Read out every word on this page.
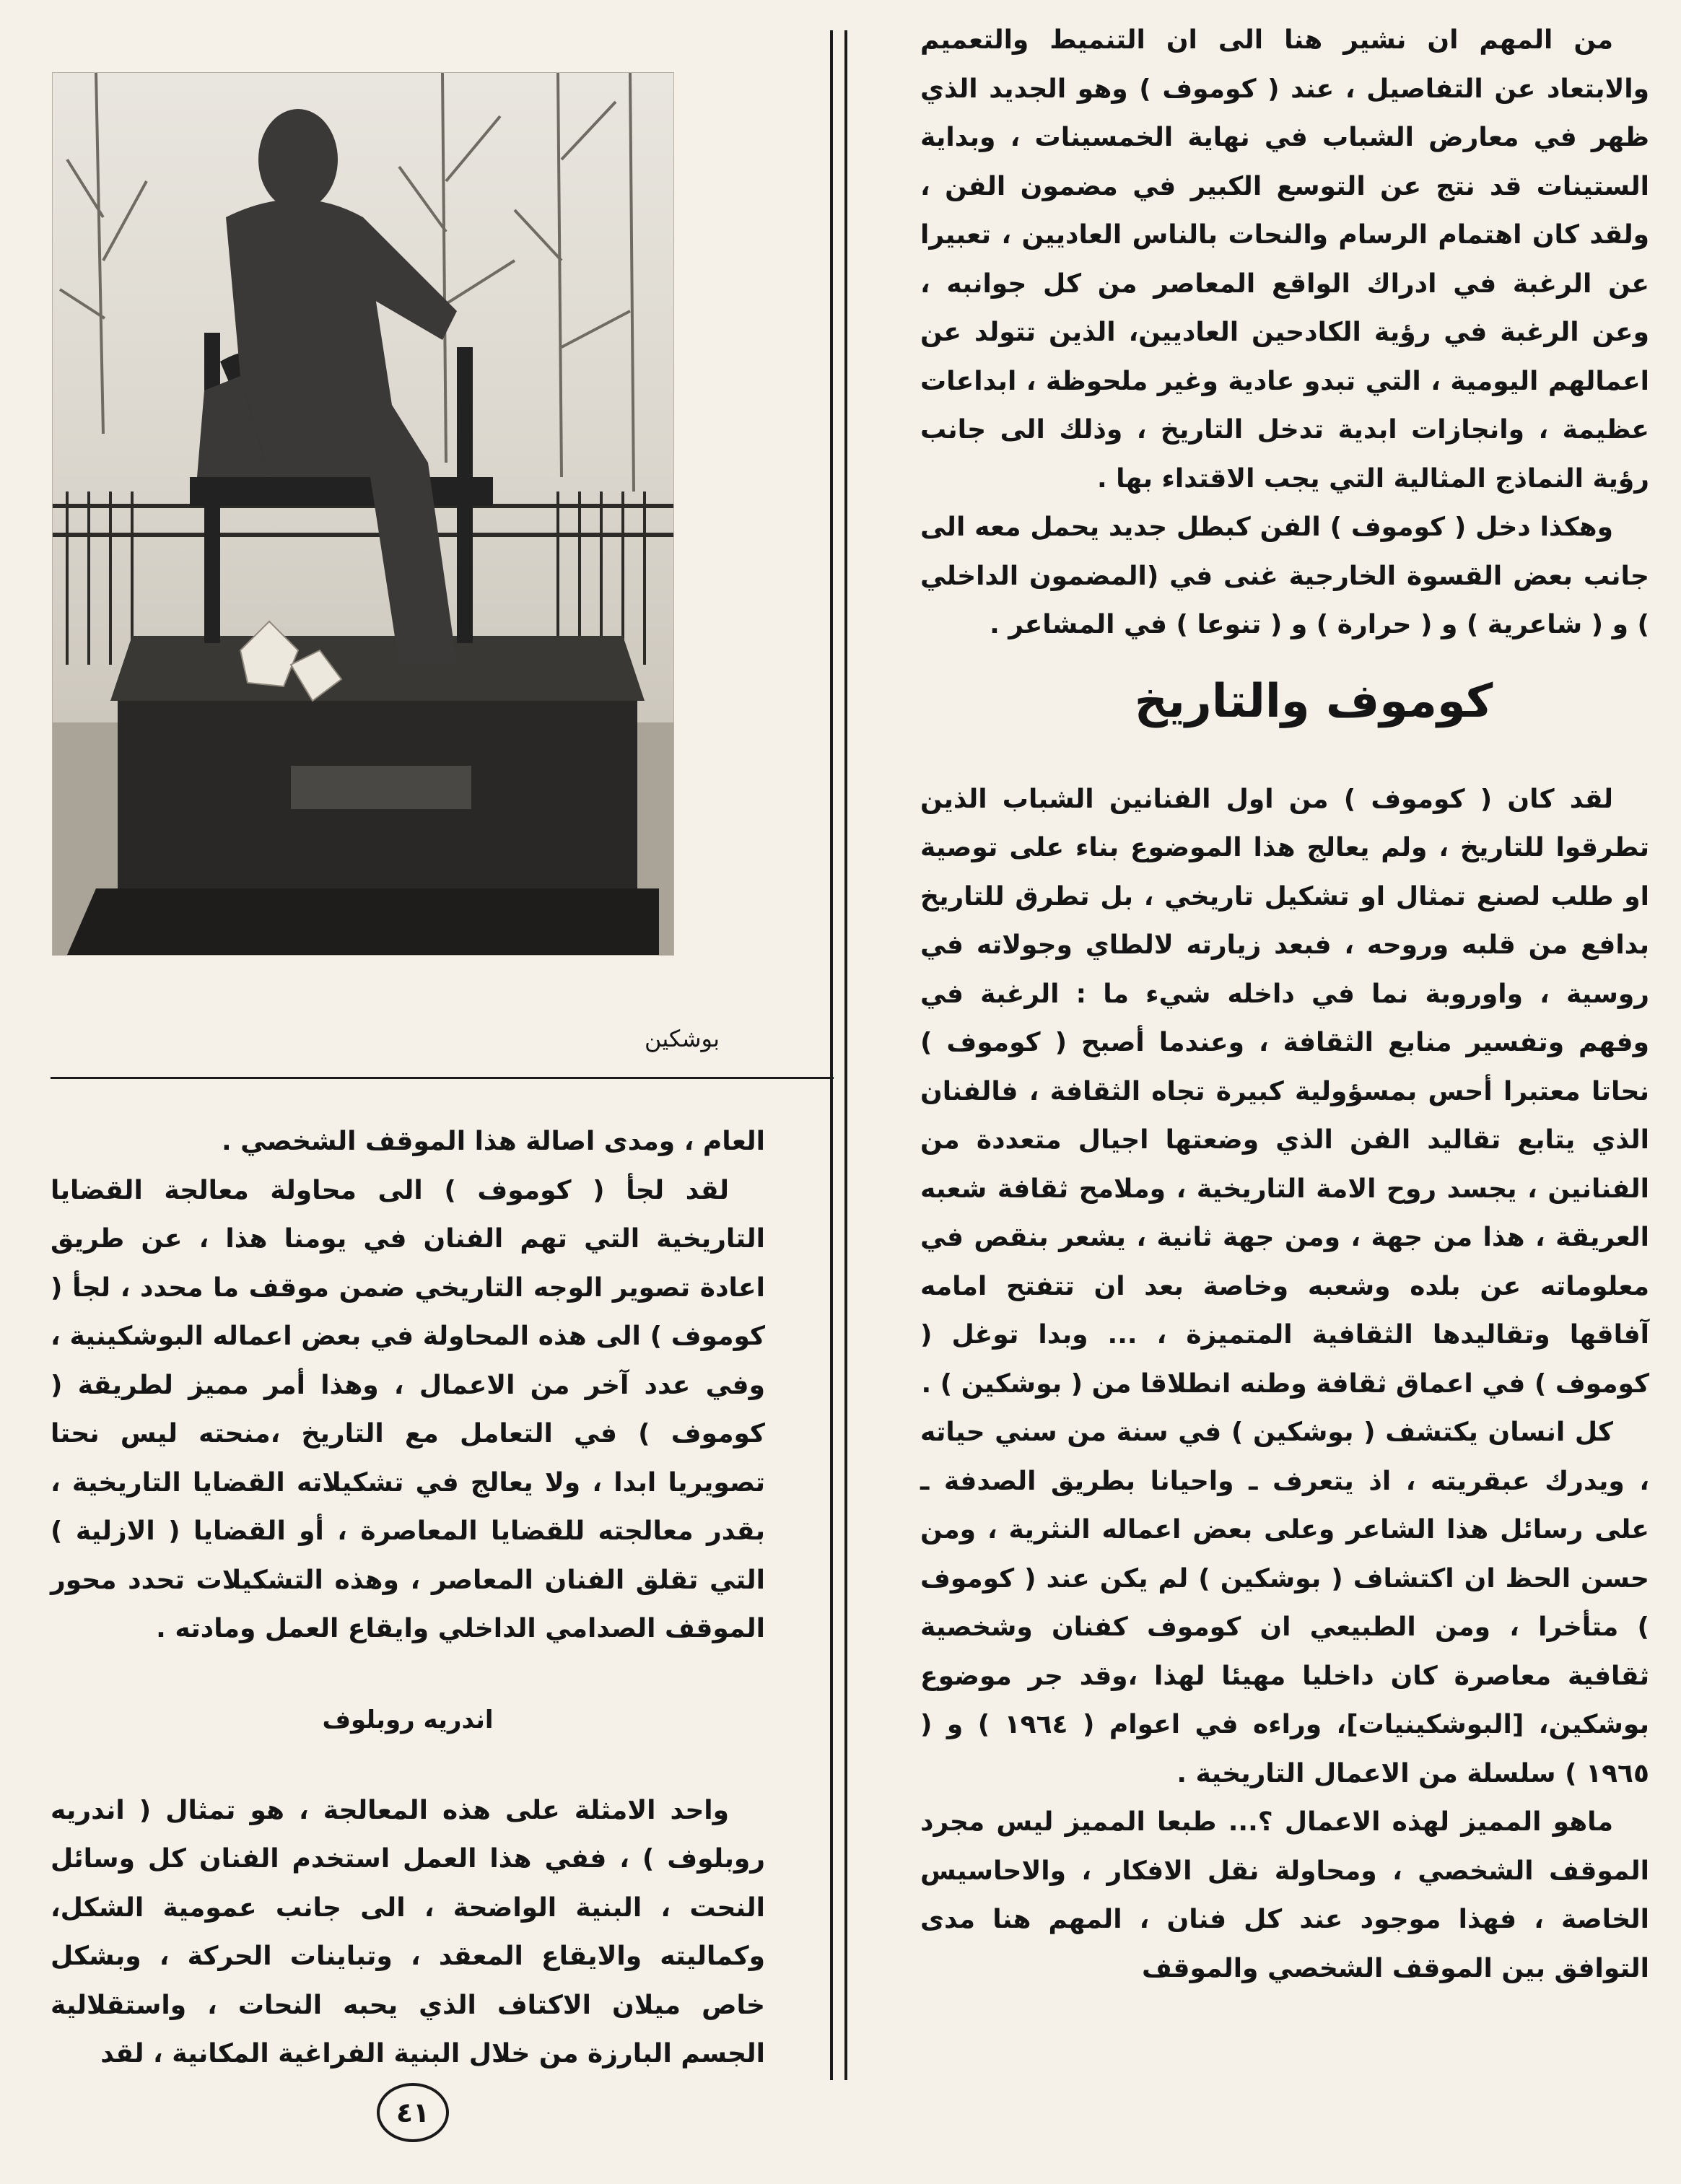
من المهم ان نشير هنا الى ان التنميط والتعميم والابتعاد عن التفاصيل ، عند ( كوموف ) وهو الجديد الذي ظهر في معارض الشباب في نهاية الخمسينات ، وبداية الستينات قد نتج عن التوسع الكبير في مضمون الفن ، ولقد كان اهتمام الرسام والنحات بالناس العاديين ، تعبيرا عن الرغبة في ادراك الواقع المعاصر من كل جوانبه ، وعن الرغبة في رؤية الكادحين العاديين، الذين تتولد عن اعمالهم اليومية ، التي تبدو عادية وغير ملحوظة ، ابداعات عظيمة ، وانجازات ابدية تدخل التاريخ ، وذلك الى جانب رؤية النماذج المثالية التي يجب الاقتداء بها .

وهكذا دخل ( كوموف ) الفن كبطل جديد يحمل معه الى جانب بعض القسوة الخارجية غنى في (المضمون الداخلي ) و ( شاعرية ) و ( حرارة ) و ( تنوعا ) في المشاعر .

كوموف والتاريخ

لقد كان ( كوموف ) من اول الفنانين الشباب الذين تطرقوا للتاريخ ، ولم يعالج هذا الموضوع بناء على توصية او طلب لصنع تمثال او تشكيل تاريخي ، بل تطرق للتاريخ بدافع من قلبه وروحه ، فبعد زيارته لالطاي وجولاته في روسية ، واوروبة نما في داخله شيء ما : الرغبة في وفهم وتفسير منابع الثقافة ، وعندما أصبح ( كوموف ) نحاتا معتبرا أحس بمسؤولية كبيرة تجاه الثقافة ، فالفنان الذي يتابع تقاليد الفن الذي وضعتها اجيال متعددة من الفنانين ، يجسد روح الامة التاريخية ، وملامح ثقافة شعبه العريقة ، هذا من جهة ، ومن جهة ثانية ، يشعر بنقص في معلوماته عن بلده وشعبه وخاصة بعد ان تتفتح امامه آفاقها وتقاليدها الثقافية المتميزة ، ... وبدا توغل ( كوموف ) في اعماق ثقافة وطنه انطلاقا من ( بوشكين ) .

كل انسان يكتشف ( بوشكين ) في سنة من سني حياته ، ويدرك عبقريته ، اذ يتعرف ـ واحيانا بطريق الصدفة ـ على رسائل هذا الشاعر وعلى بعض اعماله النثرية ، ومن حسن الحظ ان اكتشاف ( بوشكين ) لم يكن عند ( كوموف ) متأخرا ، ومن الطبيعي ان كوموف كفنان وشخصية ثقافية معاصرة كان داخليا مهيئا لهذا ،وقد جر موضوع بوشكين، [البوشكينيات]، وراءه في اعوام ( ١٩٦٤ ) و ( ١٩٦٥ ) سلسلة من الاعمال التاريخية .

ماهو المميز لهذه الاعمال ؟... طبعا المميز ليس مجرد الموقف الشخصي ، ومحاولة نقل الافكار ، والاحاسيس الخاصة ، فهذا موجود عند كل فنان ، المهم هنا مدى التوافق بين الموقف الشخصي والموقف

بوشكين

العام ، ومدى اصالة هذا الموقف الشخصي .

لقد لجأ ( كوموف ) الى محاولة معالجة القضايا التاريخية التي تهم الفنان في يومنا هذا ، عن طريق اعادة تصوير الوجه التاريخي ضمن موقف ما محدد ، لجأ ( كوموف ) الى هذه المحاولة في بعض اعماله البوشكينية ، وفي عدد آخر من الاعمال ، وهذا أمر مميز لطريقة ( كوموف ) في التعامل مع التاريخ ،منحته ليس نحتا تصويريا ابدا ، ولا يعالج في تشكيلاته القضايا التاريخية ، بقدر معالجته للقضايا المعاصرة ، أو القضايا ( الازلية ) التي تقلق الفنان المعاصر ، وهذه التشكيلات تحدد محور الموقف الصدامي الداخلي وايقاع العمل ومادته .

اندريه روبلوف

واحد الامثلة على هذه المعالجة ، هو تمثال ( اندريه روبلوف ) ، ففي هذا العمل استخدم الفنان كل وسائل النحت ، البنية الواضحة ، الى جانب عمومية الشكل، وكماليته والايقاع المعقد ، وتباينات الحركة ، وبشكل خاص ميلان الاكتاف الذي يحبه النحات ، واستقلالية الجسم البارزة من خلال البنية الفراغية المكانية ، لقد

٤١
